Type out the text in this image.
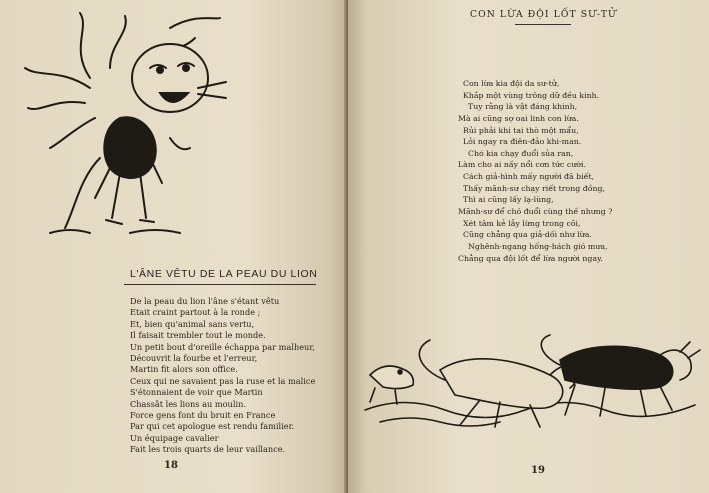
L'ÂNE VÊTU DE LA PEAU DU LION
De la peau du lion l'âne s'étant vêtu
Etait craint partout à la ronde ;
Et, bien qu'animal sans vertu,
Il faisait trembler tout le monde.
Un petit bout d'oreille échappa par malheur,
Découvrit la fourbe et l'erreur,
Martin fit alors son office.
Ceux qui ne savaient pas la ruse et la malice
S'étonnaient de voir que Martin
Chassât les lions au moulin.
Force gens font du bruit en France
Par qui cet apologue est rendu familier.
Un équipage cavalier
Fait les trois quarts de leur vaillance.
18
CON LỪA ĐỘI LỐT SƯ-TỬ
Con lừa kia đội da sư-tử,
Khắp một vùng trông dữ đều kinh.
Tuy rằng là vật đáng khinh,
Mà ai cũng sợ oai linh con lừa.
Rủi phải khi tai thò một mẩu,
Lỏi ngay ra điên-đảo khi-man.
Chó kia chạy đuổi sủa ran,
Làm cho ai nấy nổi cơn tức cười.
Cách giả-hình mấy người đã biết,
Thấy mãnh-sư chạy riết trong đồng,
Thì ai cũng lấy lạ-lùng,
Mãnh-sư để chó đuổi cùng thế nhưng ?
Xét tâm kẻ lẫy lừng trong cõi,
Cũng chẳng qua giả-dối như lừa.
Nghênh-ngang hống-hách gió mưa,
Chẳng qua đội lốt để lừa người ngay.
19
